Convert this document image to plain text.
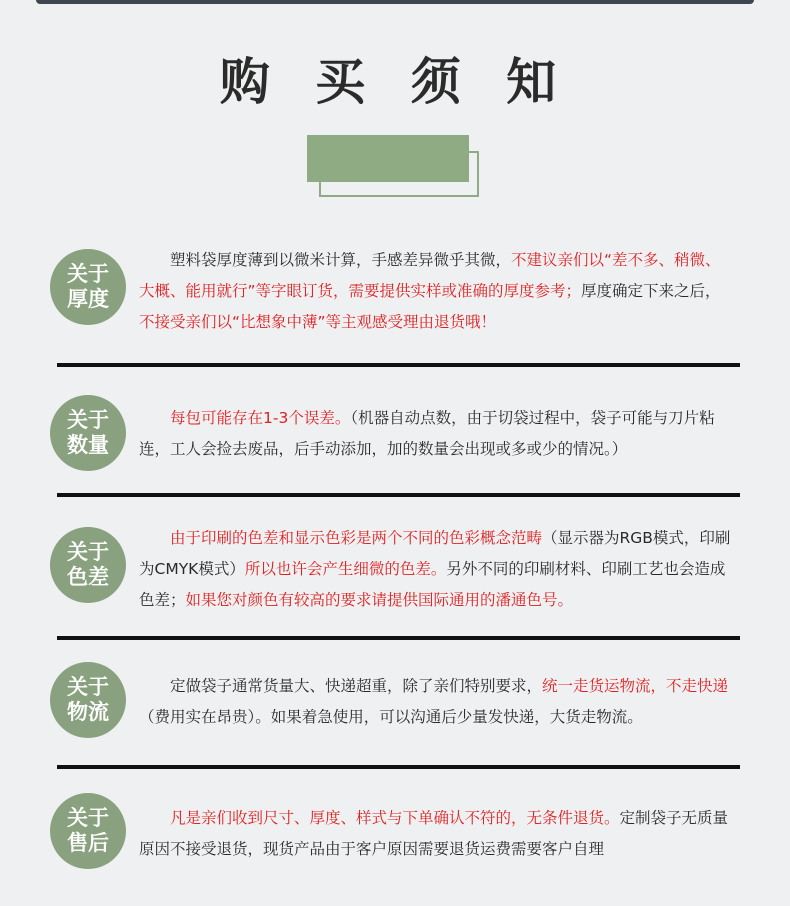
购 买 须 知
关于
厚度

塑料袋厚度薄到以微米计算，手感差异微乎其微，不建议亲们以“差不多、稍微、大概、能用就行”等字眼订货，需要提供实样或准确的厚度参考；厚度确定下来之后，不接受亲们以“比想象中薄”等主观感受理由退货哦！

关于
数量

每包可能存在1-3个误差。（机器自动点数，由于切袋过程中，袋子可能与刀片粘连，工人会捡去废品，后手动添加，加的数量会出现或多或少的情况。）

关于
色差

由于印刷的色差和显示色彩是两个不同的色彩概念范畴（显示器为RGB模式，印刷为CMYK模式）所以也许会产生细微的色差。另外不同的印刷材料、印刷工艺也会造成色差；如果您对颜色有较高的要求请提供国际通用的潘通色号。

关于
物流

定做袋子通常货量大、快递超重，除了亲们特别要求，统一走货运物流，不走快递（费用实在昂贵）。如果着急使用，可以沟通后少量发快递，大货走物流。

关于
售后

凡是亲们收到尺寸、厚度、样式与下单确认不符的，无条件退货。定制袋子无质量原因不接受退货，现货产品由于客户原因需要退货运费需要客户自理
